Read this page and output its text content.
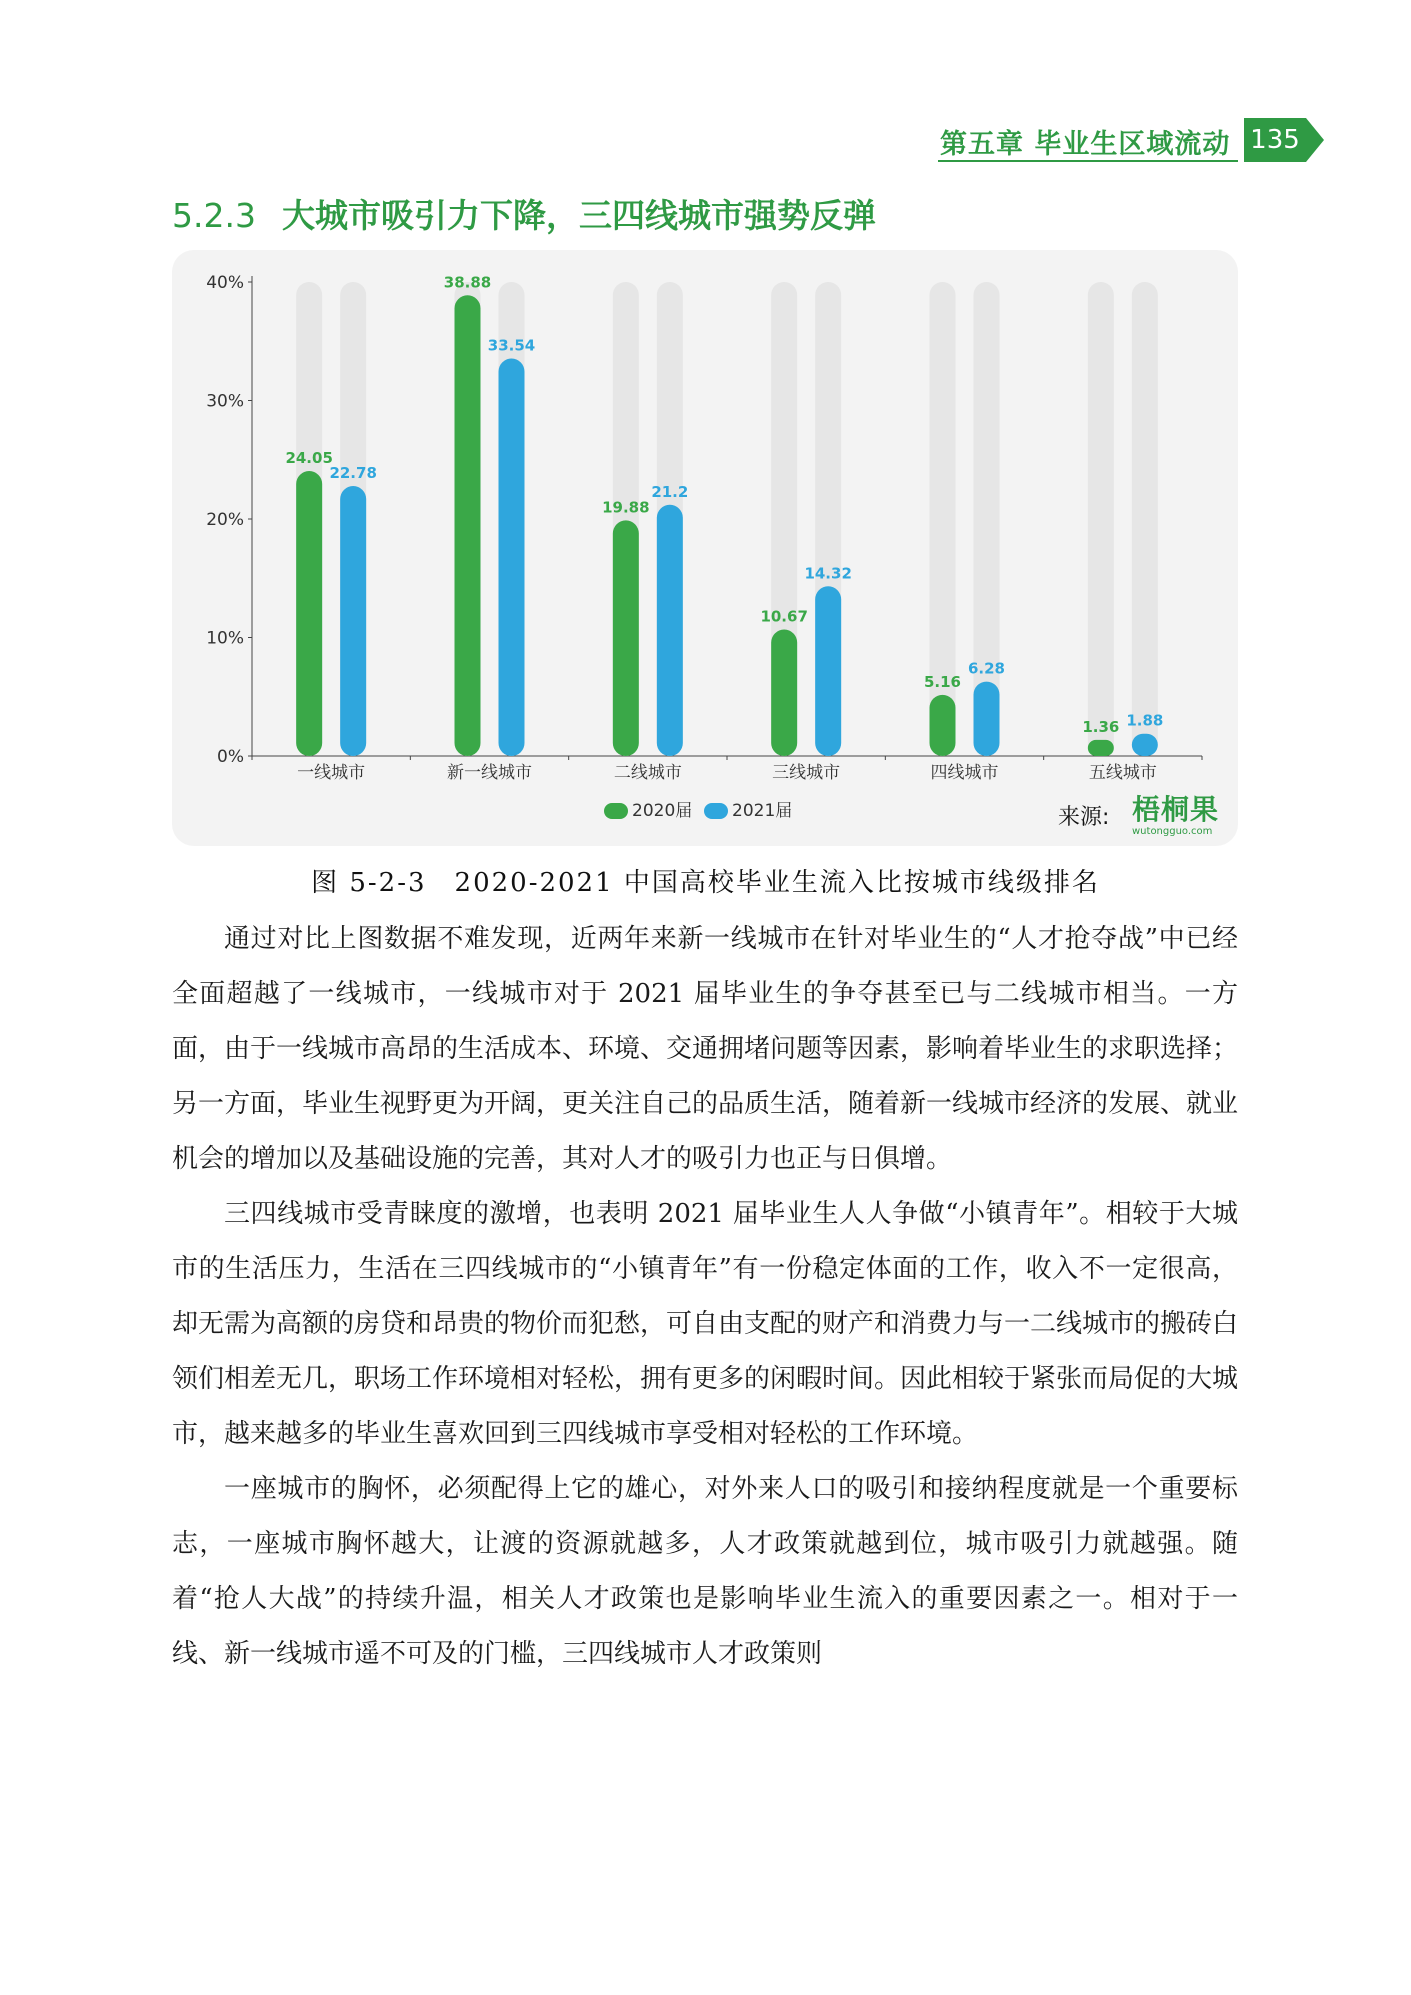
第五章 毕业生区域流动 135
5.2.3 大城市吸引力下降，三四线城市强势反弹
0%
10%
20%
30%
40%
24.05
22.78
一线城市
38.88
33.54
新一线城市
19.88
21.2
二线城市
10.67
14.32
三线城市
5.16
6.28
四线城市
1.36 1.88
五线城市
2020届 2021届	来源: 梧桐果
wutongguo.com
图 5-2-3　2020-2021 中国高校毕业生流入比按城市线级排名

通过对比上图数据不难发现，近两年来新一线城市在针对毕业生的“人才抢夺战”中已经全面超越了一线城市，一线城市对于 2021 届毕业生的争夺甚至已与二线城市相当。一方面，由于一线城市高昂的生活成本、环境、交通拥堵问题等因素，影响着毕业生的求职选择；另一方面，毕业生视野更为开阔，更关注自己的品质生活，随着新一线城市经济的发展、就业机会的增加以及基础设施的完善，其对人才的吸引力也正与日俱增。

三四线城市受青睐度的激增，也表明 2021 届毕业生人人争做“小镇青年”。相较于大城市的生活压力，生活在三四线城市的“小镇青年”有一份稳定体面的工作，收入不一定很高，却无需为高额的房贷和昂贵的物价而犯愁，可自由支配的财产和消费力与一二线城市的搬砖白领们相差无几，职场工作环境相对轻松，拥有更多的闲暇时间。因此相较于紧张而局促的大城市，越来越多的毕业生喜欢回到三四线城市享受相对轻松的工作环境。

一座城市的胸怀，必须配得上它的雄心，对外来人口的吸引和接纳程度就是一个重要标志，一座城市胸怀越大，让渡的资源就越多，人才政策就越到位，城市吸引力就越强。随着“抢人大战”的持续升温，相关人才政策也是影响毕业生流入的重要因素之一。相对于一线、新一线城市遥不可及的门槛，三四线城市人才政策则
